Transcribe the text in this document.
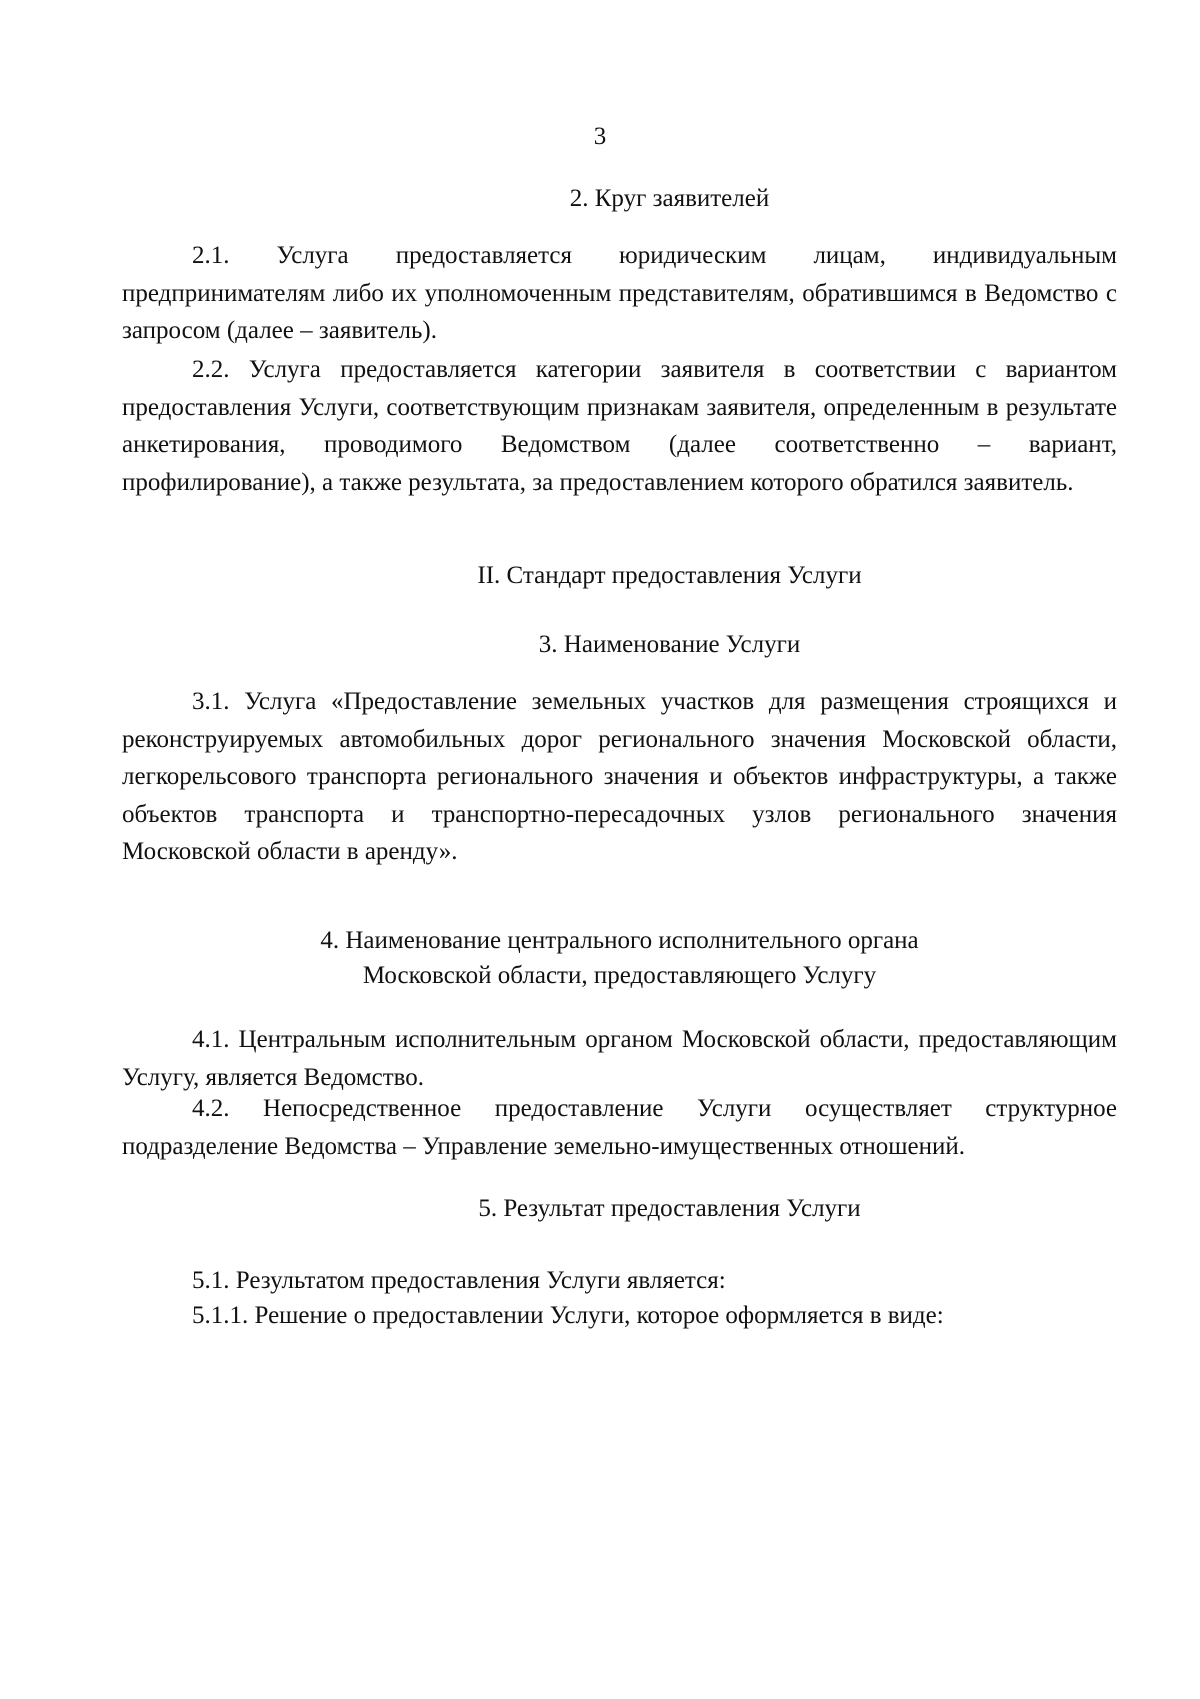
3
2. Круг заявителей
2.1. Услуга предоставляется юридическим лицам, индивидуальным предпринимателям либо их уполномоченным представителям, обратившимся в Ведомство с запросом (далее – заявитель).
2.2. Услуга предоставляется категории заявителя в соответствии с вариантом предоставления Услуги, соответствующим признакам заявителя, определенным в результате анкетирования, проводимого Ведомством (далее соответственно – вариант, профилирование), а также результата, за предоставлением которого обратился заявитель.
II. Стандарт предоставления Услуги
3. Наименование Услуги
3.1. Услуга «Предоставление земельных участков для размещения строящихся и реконструируемых автомобильных дорог регионального значения Московской области, легкорельсового транспорта регионального значения и объектов инфраструктуры, а также объектов транспорта и транспортно-пересадочных узлов регионального значения Московской области в аренду».
4. Наименование центрального исполнительного органа
Московской области, предоставляющего Услугу
4.1. Центральным исполнительным органом Московской области, предоставляющим Услугу, является Ведомство.
4.2. Непосредственное предоставление Услуги осуществляет структурное подразделение Ведомства – Управление земельно-имущественных отношений.
5. Результат предоставления Услуги
5.1. Результатом предоставления Услуги является:
5.1.1. Решение о предоставлении Услуги, которое оформляется в виде:
